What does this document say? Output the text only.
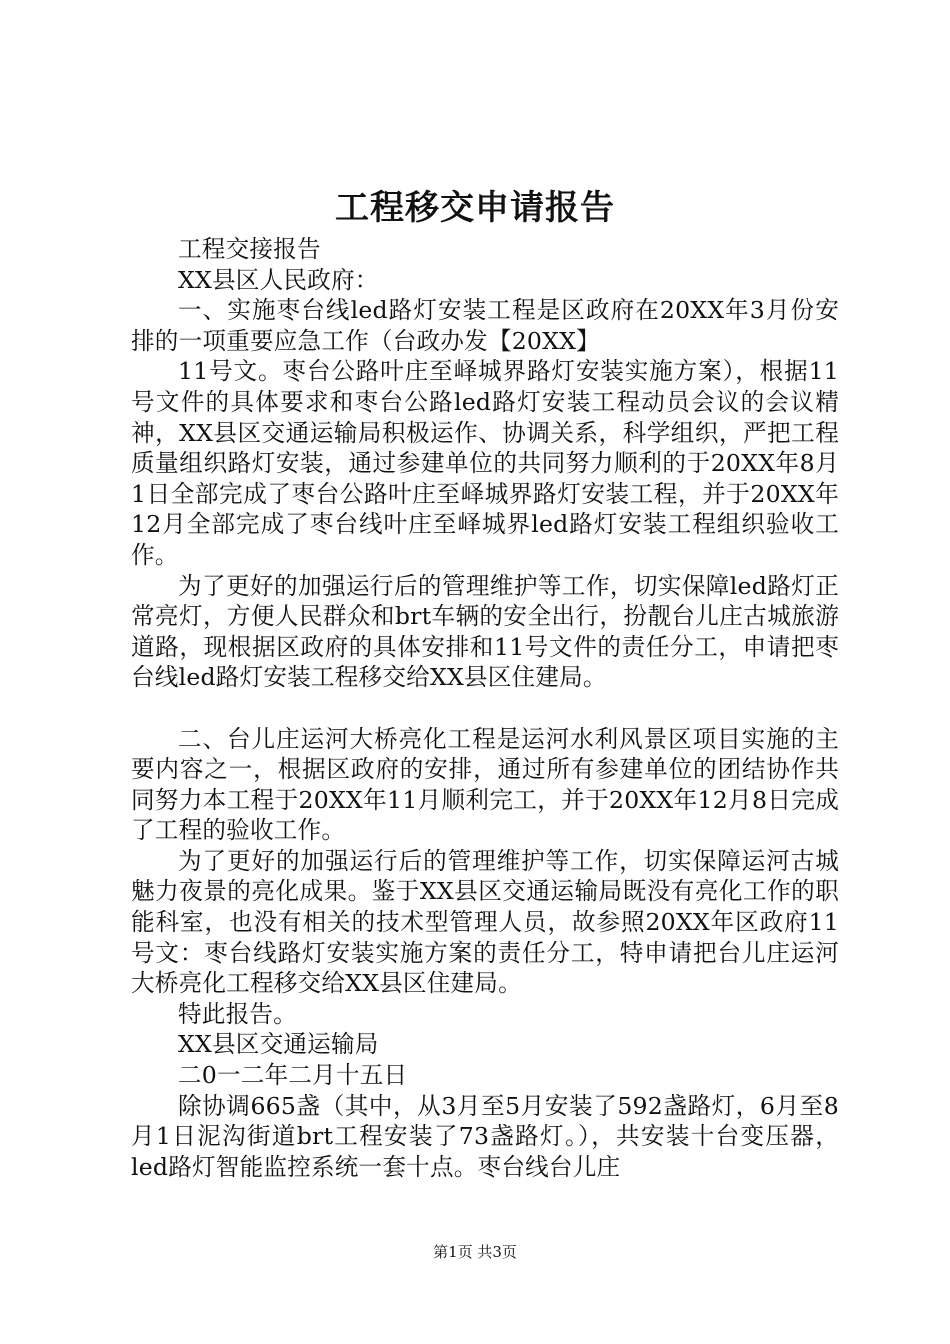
工程移交申请报告

工程交接报告

XX县区人民政府：

一、实施枣台线led路灯安装工程是区政府在20XX年3月份安排的一项重要应急工作（台政办发【20XX】

11号文。枣台公路叶庄至峄城界路灯安装实施方案），根据11号文件的具体要求和枣台公路led路灯安装工程动员会议的会议精神，XX县区交通运输局积极运作、协调关系，科学组织，严把工程质量组织路灯安装，通过参建单位的共同努力顺利的于20XX年8月1日全部完成了枣台公路叶庄至峄城界路灯安装工程，并于20XX年12月全部完成了枣台线叶庄至峄城界led路灯安装工程组织验收工作。

为了更好的加强运行后的管理维护等工作，切实保障led路灯正常亮灯，方便人民群众和brt车辆的安全出行，扮靓台儿庄古城旅游道路，现根据区政府的具体安排和11号文件的责任分工，申请把枣台线led路灯安装工程移交给XX县区住建局。

二、台儿庄运河大桥亮化工程是运河水利风景区项目实施的主要内容之一，根据区政府的安排，通过所有参建单位的团结协作共同努力本工程于20XX年11月顺利完工，并于20XX年12月8日完成了工程的验收工作。

为了更好的加强运行后的管理维护等工作，切实保障运河古城魅力夜景的亮化成果。鉴于XX县区交通运输局既没有亮化工作的职能科室，也没有相关的技术型管理人员，故参照20XX年区政府11号文：枣台线路灯安装实施方案的责任分工，特申请把台儿庄运河大桥亮化工程移交给XX县区住建局。

特此报告。

XX县区交通运输局

二0一二年二月十五日

除协调665盏（其中，从3月至5月安装了592盏路灯，6月至8月1日泥沟街道brt工程安装了73盏路灯。），共安装十台变压器，led路灯智能监控系统一套十点。枣台线台儿庄

第1页 共3页
